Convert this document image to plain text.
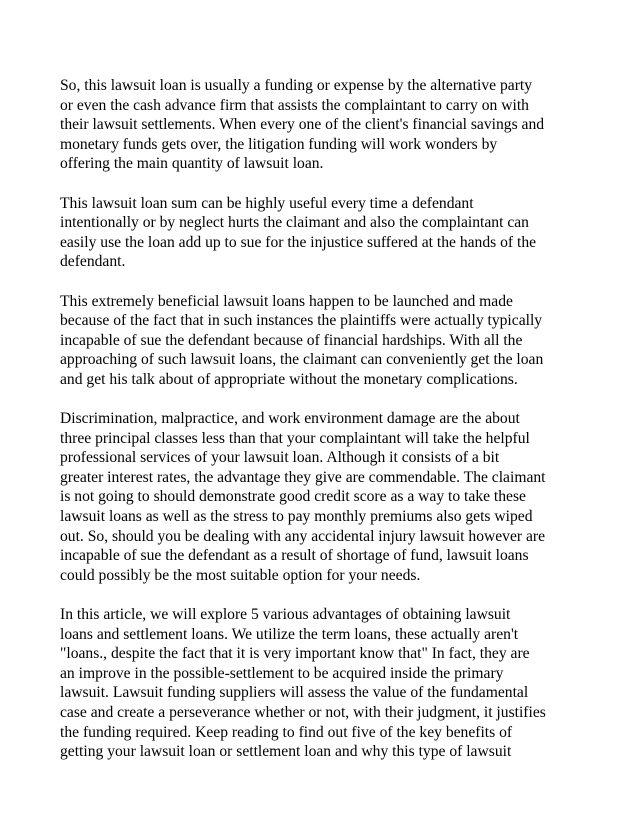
So, this lawsuit loan is usually a funding or expense by the alternative party
or even the cash advance firm that assists the complaintant to carry on with
their lawsuit settlements. When every one of the client's financial savings and
monetary funds gets over, the litigation funding will work wonders by
offering the main quantity of lawsuit loan.

This lawsuit loan sum can be highly useful every time a defendant
intentionally or by neglect hurts the claimant and also the complaintant can
easily use the loan add up to sue for the injustice suffered at the hands of the
defendant.

This extremely beneficial lawsuit loans happen to be launched and made
because of the fact that in such instances the plaintiffs were actually typically
incapable of sue the defendant because of financial hardships. With all the
approaching of such lawsuit loans, the claimant can conveniently get the loan
and get his talk about of appropriate without the monetary complications.

Discrimination, malpractice, and work environment damage are the about
three principal classes less than that your complaintant will take the helpful
professional services of your lawsuit loan. Although it consists of a bit
greater interest rates, the advantage they give are commendable. The claimant
is not going to should demonstrate good credit score as a way to take these
lawsuit loans as well as the stress to pay monthly premiums also gets wiped
out. So, should you be dealing with any accidental injury lawsuit however are
incapable of sue the defendant as a result of shortage of fund, lawsuit loans
could possibly be the most suitable option for your needs.

In this article, we will explore 5 various advantages of obtaining lawsuit
loans and settlement loans. We utilize the term loans, these actually aren't
"loans., despite the fact that it is very important know that" In fact, they are
an improve in the possible-settlement to be acquired inside the primary
lawsuit. Lawsuit funding suppliers will assess the value of the fundamental
case and create a perseverance whether or not, with their judgment, it justifies
the funding required. Keep reading to find out five of the key benefits of
getting your lawsuit loan or settlement loan and why this type of lawsuit
